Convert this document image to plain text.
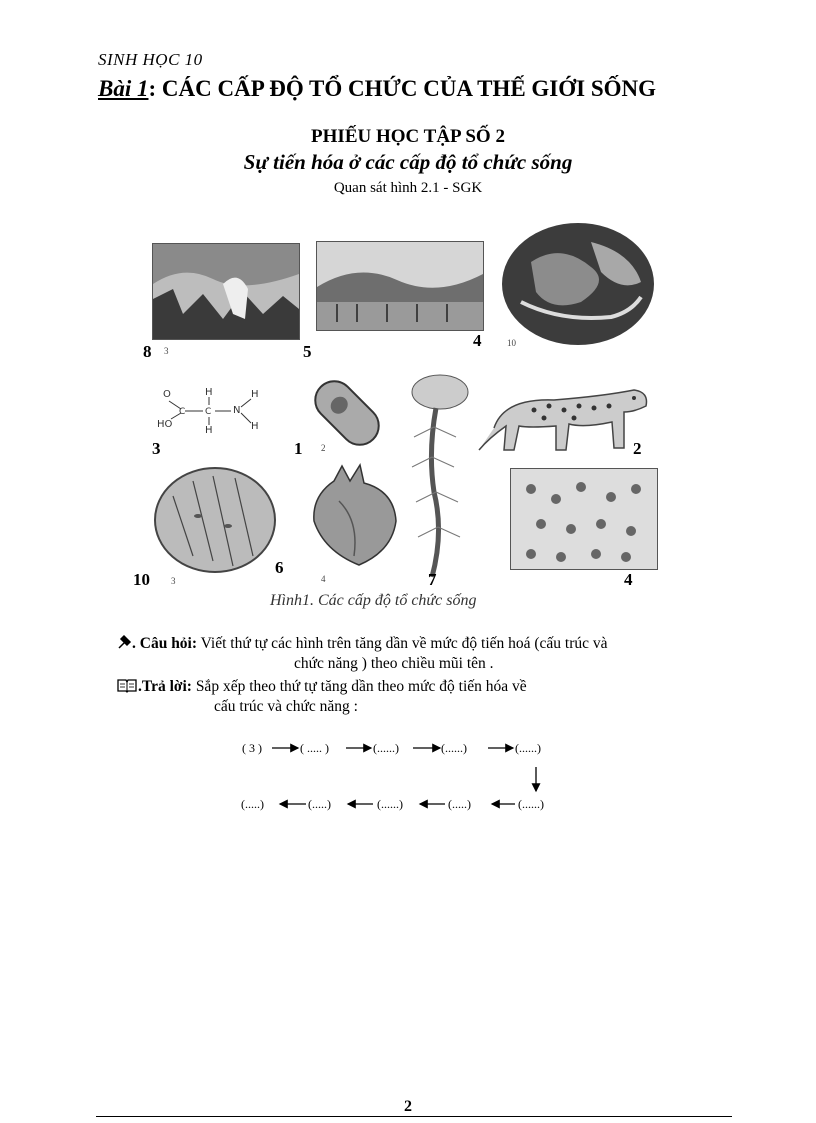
SINH HỌC 10
Bài 1: CÁC CẤP ĐỘ TỔ CHỨC CỦA THẾ GIỚI SỐNG
PHIẾU HỌC TẬP SỐ 2
Sự tiến hóa ở các cấp độ tổ chức sống
Quan sát hình 2.1 - SGK
O
HO
H
H
N
H
H
C C
8 3	5
4	10
3	1 2	2
10 3
6
4	7	4
Hình1. Các cấp độ tổ chức sống
. Câu hỏi: Viết thứ tự các hình trên tăng dần về mức độ tiến hoá (cấu trúc và
chức năng ) theo chiều mũi tên .
.Trả lời: Sắp xếp theo thứ tự tăng dần theo mức độ tiến hóa về
cấu trúc và chức năng :
( 3 )	( ..... )	(......)	(......)	(......)
(.....)	(.....)	(......)	(.....)	(......)
2
